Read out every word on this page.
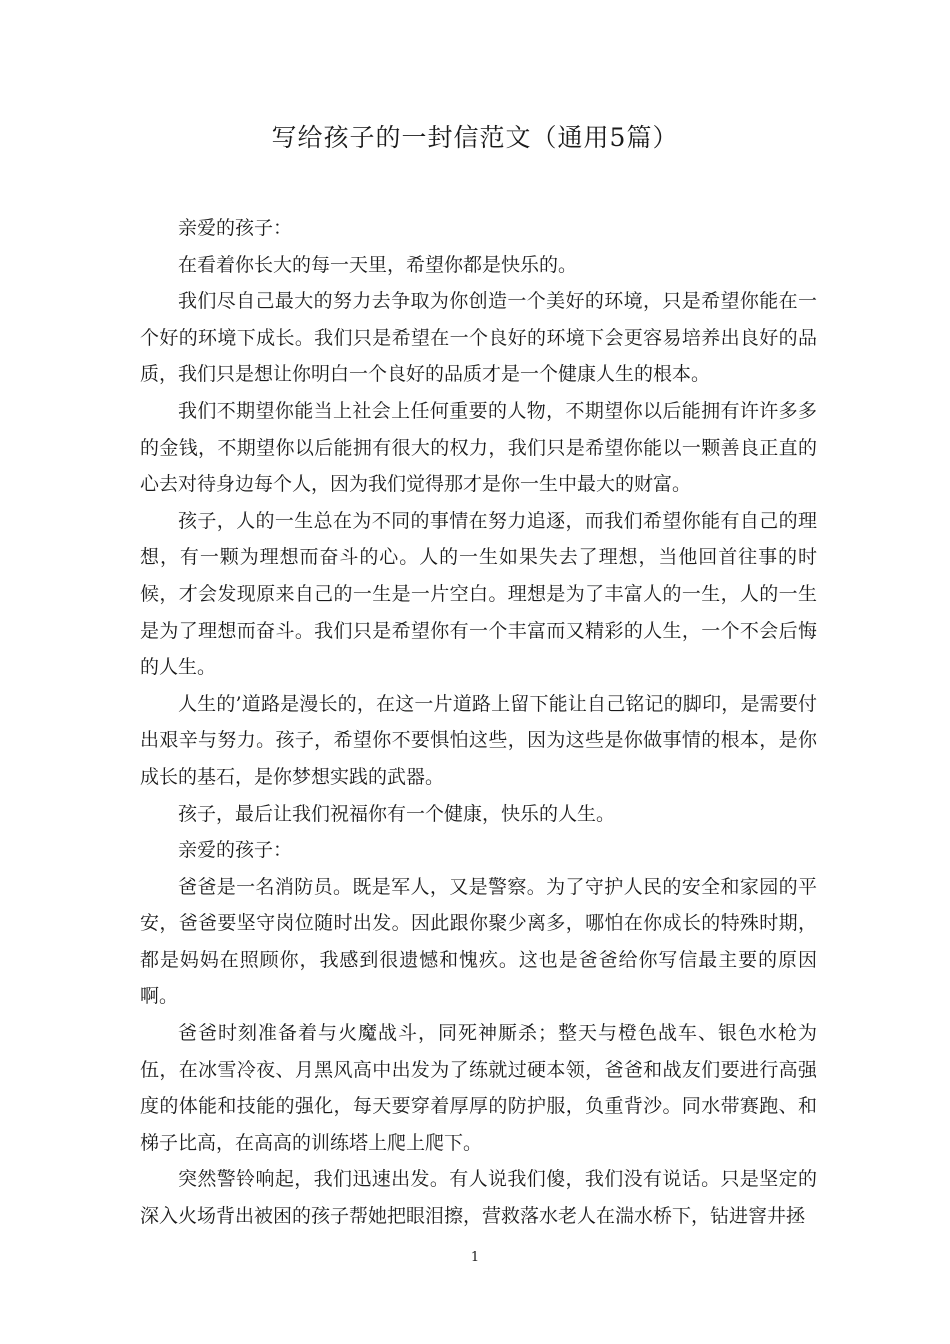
写给孩子的一封信范文（通用5篇）

亲爱的孩子：

在看着你长大的每一天里，希望你都是快乐的。

我们尽自己最大的努力去争取为你创造一个美好的环境，只是希望你能在一个好的环境下成长。我们只是希望在一个良好的环境下会更容易培养出良好的品质，我们只是想让你明白一个良好的品质才是一个健康人生的根本。

我们不期望你能当上社会上任何重要的人物，不期望你以后能拥有许许多多的金钱，不期望你以后能拥有很大的权力，我们只是希望你能以一颗善良正直的心去对待身边每个人，因为我们觉得那才是你一生中最大的财富。

孩子，人的一生总在为不同的事情在努力追逐，而我们希望你能有自己的理想，有一颗为理想而奋斗的心。人的一生如果失去了理想，当他回首往事的时候，才会发现原来自己的一生是一片空白。理想是为了丰富人的一生，人的一生是为了理想而奋斗。我们只是希望你有一个丰富而又精彩的人生，一个不会后悔的人生。

人生的’道路是漫长的，在这一片道路上留下能让自己铭记的脚印，是需要付出艰辛与努力。孩子，希望你不要惧怕这些，因为这些是你做事情的根本，是你成长的基石，是你梦想实践的武器。

孩子，最后让我们祝福你有一个健康，快乐的人生。

亲爱的孩子：

爸爸是一名消防员。既是军人，又是警察。为了守护人民的安全和家园的平安，爸爸要坚守岗位随时出发。因此跟你聚少离多，哪怕在你成长的特殊时期，都是妈妈在照顾你，我感到很遗憾和愧疚。这也是爸爸给你写信最主要的原因啊。

爸爸时刻准备着与火魔战斗，同死神厮杀；整天与橙色战车、银色水枪为伍，在冰雪冷夜、月黑风高中出发为了练就过硬本领，爸爸和战友们要进行高强度的体能和技能的强化，每天要穿着厚厚的防护服，负重背沙。同水带赛跑、和梯子比高，在高高的训练塔上爬上爬下。

突然警铃响起，我们迅速出发。有人说我们傻，我们没有说话。只是坚定的深入火场背出被困的孩子帮她把眼泪擦，营救落水老人在湍水桥下，钻进窨井拯

1
